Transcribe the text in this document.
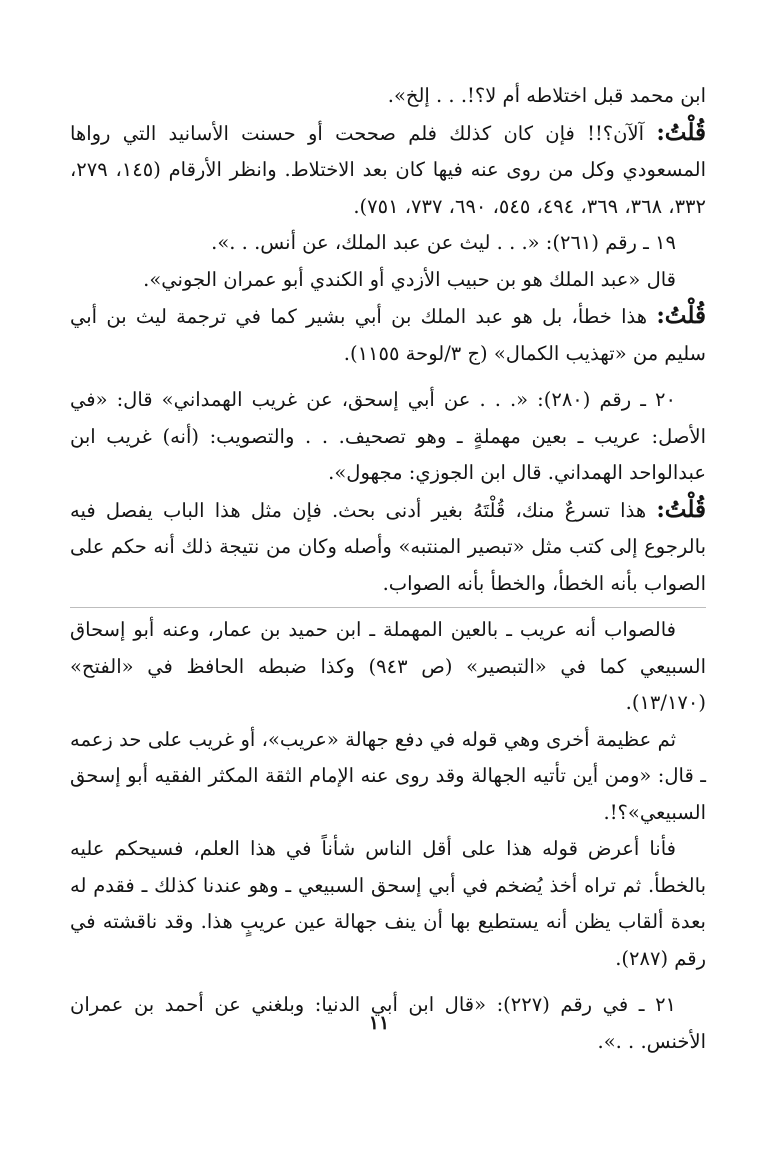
ابن محمد قبل اختلاطه أم لا؟!. . . إلخ».

قُلْتُ: آلآن؟!! فإن كان كذلك فلم صححت أو حسنت الأسانيد التي رواها المسعودي وكل من روى عنه فيها كان بعد الاختلاط. وانظر الأرقام (١٤٥، ٢٧٩، ٣٣٢، ٣٦٨، ٣٦٩، ٤٩٤، ٥٤٥، ٦٩٠، ٧٣٧، ٧٥١).

١٩ ـ رقم (٢٦١): «. . . ليث عن عبد الملك، عن أنس. . .».

قال «عبد الملك هو بن حبيب الأزدي أو الكندي أبو عمران الجوني».

قُلْتُ: هذا خطأ، بل هو عبد الملك بن أبي بشير كما في ترجمة ليث بن أبي سليم من «تهذيب الكمال» (ج ٣/لوحة ١١٥٥).

٢٠ ـ رقم (٢٨٠): «. . . عن أبي إسحق، عن غريب الهمداني» قال: «في الأصل: عريب ـ بعين مهملةٍ ـ وهو تصحيف. . . والتصويب: (أنه) غريب ابن عبدالواحد الهمداني. قال ابن الجوزي: مجهول».

قُلْتُ: هذا تسرعٌ منك، قُلْتَهُ بغير أدنى بحث. فإن مثل هذا الباب يفصل فيه بالرجوع إلى كتب مثل «تبصير المنتبه» وأصله وكان من نتيجة ذلك أنه حكم على الصواب بأنه الخطأ، والخطأ بأنه الصواب.

فالصواب أنه عريب ـ بالعين المهملة ـ ابن حميد بن عمار، وعنه أبو إسحاق السبيعي كما في «التبصير» (ص ٩٤٣) وكذا ضبطه الحافظ في «الفتح» (١٣/١٧٠).

ثم عظيمة أخرى وهي قوله في دفع جهالة «عريب»، أو غريب على حد زعمه ـ قال: «ومن أين تأتيه الجهالة وقد روى عنه الإمام الثقة المكثر الفقيه أبو إسحق السبيعي»؟!.

فأنا أعرض قوله هذا على أقل الناس شأناً في هذا العلم، فسيحكم عليه بالخطأ. ثم تراه أخذ يُضخم في أبي إسحق السبيعي ـ وهو عندنا كذلك ـ فقدم له بعدة ألقاب يظن أنه يستطيع بها أن ينف جهالة عين عريبٍ هذا. وقد ناقشته في رقم (٢٨٧).

٢١ ـ في رقم (٢٢٧): «قال ابن أبي الدنيا: وبلغني عن أحمد بن عمران الأخنس. . .».

١١
